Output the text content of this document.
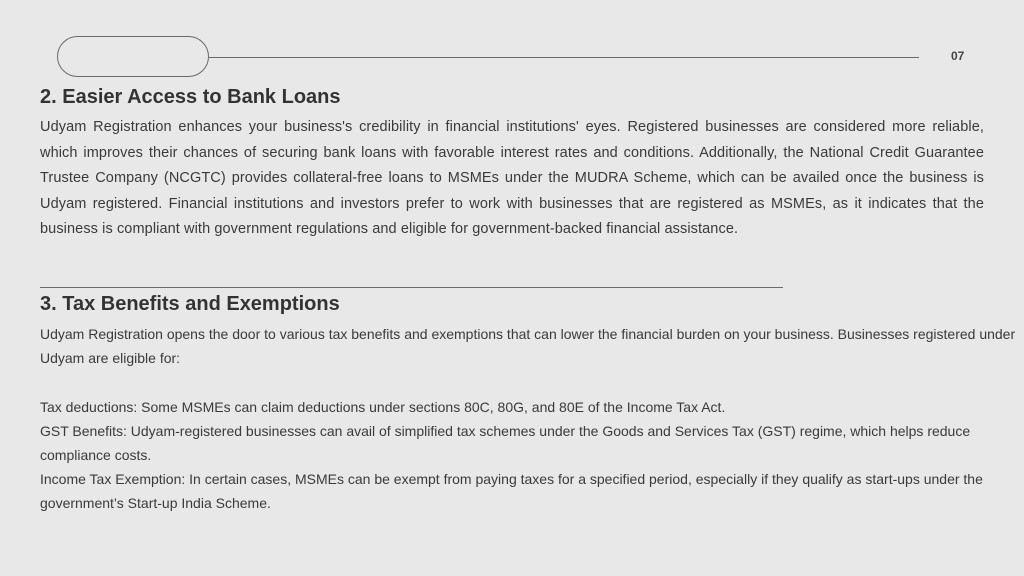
07
2. Easier Access to Bank Loans

Udyam Registration enhances your business's credibility in financial institutions' eyes. Registered businesses are considered more reliable, which improves their chances of securing bank loans with favorable interest rates and conditions. Additionally, the National Credit Guarantee Trustee Company (NCGTC) provides collateral-free loans to MSMEs under the MUDRA Scheme, which can be availed once the business is Udyam registered. Financial institutions and investors prefer to work with businesses that are registered as MSMEs, as it indicates that the business is compliant with government regulations and eligible for government-backed financial assistance.

3. Tax Benefits and Exemptions

Udyam Registration opens the door to various tax benefits and exemptions that can lower the financial burden on your business. Businesses registered under Udyam are eligible for:

Tax deductions: Some MSMEs can claim deductions under sections 80C, 80G, and 80E of the Income Tax Act.

GST Benefits: Udyam-registered businesses can avail of simplified tax schemes under the Goods and Services Tax (GST) regime, which helps reduce compliance costs.

Income Tax Exemption: In certain cases, MSMEs can be exempt from paying taxes for a specified period, especially if they qualify as start-ups under the government’s Start-up India Scheme.
